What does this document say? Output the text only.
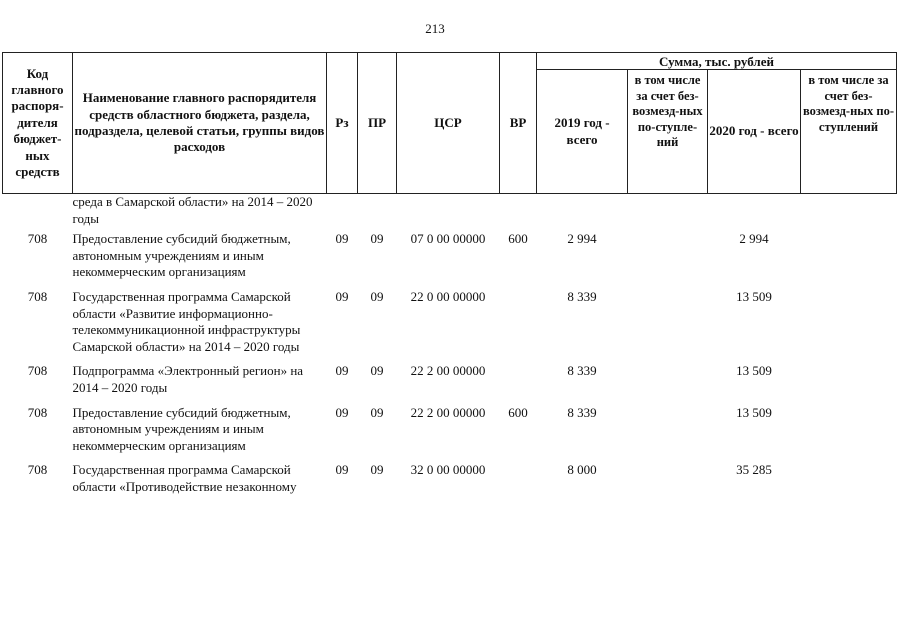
213
Код главного распоря-дителя бюджет-ных средств	Наименование главного распорядителя средств областного бюджета, раздела, подраздела, целевой статьи, группы видов расходов	Рз	ПР	ЦСР	ВР	Сумма, тыс. рублей			
						2019 год - всего	в том числе за счет без-возмезд-ных по-ступле-ний	2020 год - всего	в том числе за счет без-возмезд-ных по-ступлений
	среда в Самарской области» на 2014 – 2020 годы								
708	Предоставление субсидий бюджетным, автономным учреждениям и иным некоммерческим организациям	09	09	07 0 00 00000	600	2 994		2 994	
708	Государственная программа Самарской области «Развитие информационно-телекоммуникационной инфраструктуры Самарской области» на 2014 – 2020 годы	09	09	22 0 00 00000		8 339		13 509	
708	Подпрограмма «Электронный регион» на 2014 – 2020 годы	09	09	22 2 00 00000		8 339		13 509	
708	Предоставление субсидий бюджетным, автономным учреждениям и иным некоммерческим организациям	09	09	22 2 00 00000	600	8 339		13 509	
708	Государственная программа Самарской области «Противодействие незаконному	09	09	32 0 00 00000		8 000		35 285	
